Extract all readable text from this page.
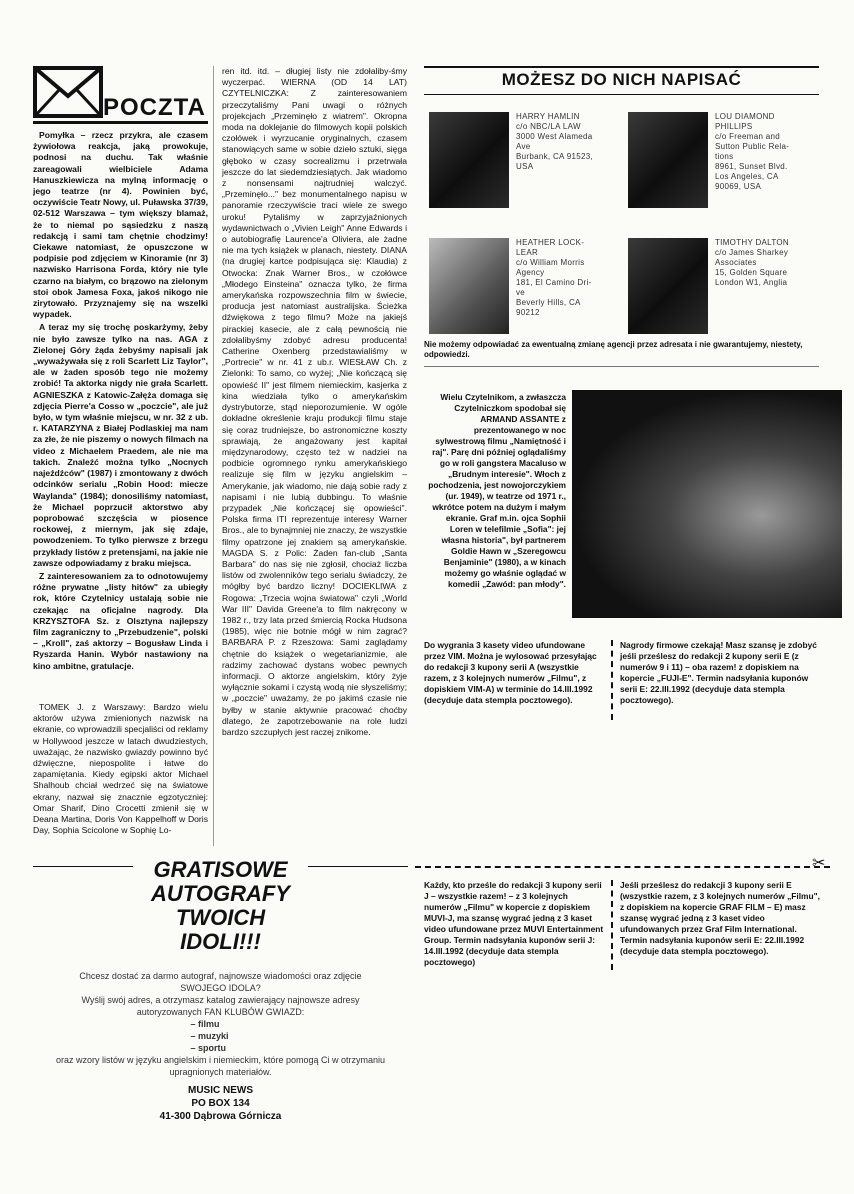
POCZTA

Pomyłka – rzecz przykra, ale czasem żywiołowa reakcja, jaką prowokuje, podnosi na duchu. Tak właśnie zareagowali wielbiciele Adama Hanuszkiewicza na mylną informację o jego teatrze (nr 4). Powinien być, oczywiście Teatr Nowy, ul. Puławska 37/39, 02-512 Warszawa – tym większy blamaż, że to niemal po sąsiedzku z naszą redakcją i sami tam chętnie chodzimy! Ciekawe natomiast, że opuszczone w podpisie pod zdjęciem w Kinoramie (nr 3) nazwisko Harrisona Forda, który nie tyle czarno na białym, co brązowo na zielonym stoi obok Jamesa Foxa, jakoś nikogo nie zirytowało. Przyznajemy się na wszelki wypadek.

A teraz my się trochę poskarżymy, żeby nie było zawsze tylko na nas. AGA z Zielonej Góry żąda żebyśmy napisali jak „wyważywała się z roli Scarlett Liz Taylor", ale w żaden sposób tego nie możemy zrobić! Ta aktorka nigdy nie grała Scarlett. AGNIESZKA z Katowic-Załęża domaga się zdjęcia Pierre'a Cosso w „poczcie", ale już było, w tym właśnie miejscu, w nr. 32 z ub. r. KATARZYNA z Białej Podlaskiej ma nam za złe, że nie piszemy o nowych filmach na video z Michaelem Praedem, ale nie ma takich. Znaleźć można tylko „Nocnych najeźdźców" (1987) i zmontowany z dwóch odcinków serialu „Robin Hood: miecze Waylanda" (1984); donosiliśmy natomiast, że Michael poprzucił aktorstwo aby poprobować szczęścia w piosence rockowej, z miernym, jak się zdaje, powodzeniem. To tylko pierwsze z brzegu przykłady listów z pretensjami, na jakie nie zawsze odpowiadamy z braku miejsca.

Z zainteresowaniem za to odnotowujemy różne prywatne „listy hitów" za ubiegły rok, które Czytelnicy ustalają sobie nie czekając na oficjalne nagrody. Dla KRZYSZTOFA Sz. z Olsztyna najlepszy film zagraniczny to „Przebudzenie", polski – „Kroll", zaś aktorzy – Bogusław Linda i Ryszarda Hanin. Wybór nastawiony na kino ambitne, gratulacje.

TOMEK J. z Warszawy: Bardzo wielu aktorów używa zmienionych nazwisk na ekranie, co wprowadzili specjaliści od reklamy w Hollywood jeszcze w latach dwudziestych, uważając, że nazwisko gwiazdy powinno być dźwięczne, niepospolite i łatwe do zapamiętania. Kiedy egipski aktor Michael Shalhoub chciał wedrzeć się na światowe ekrany, nazwał się znacznie egzotyczniej: Omar Sharif, Dino Crocetti zmienił się w Deana Martina, Doris Von Kappelhoff w Doris Day, Sophia Scicolone w Sophię Lo-

ren itd. itd. – długiej listy nie zdołaliby-śmy wyczerpać. WIERNA (OD 14 LAT) CZYTELNICZKA: Z zainteresowaniem przeczytaliśmy Pani uwagi o różnych projekcjach „Przeminęło z wiatrem". Okropna moda na doklejanie do filmowych kopii polskich czołówek i wyrzucanie oryginalnych, czasem stanowiących same w sobie dzieło sztuki, sięga głęboko w czasy socrealizmu i przetrwała jeszcze do lat siedemdziesiątych. Jak wiadomo z nonsensami najtrudniej walczyć. „Przeminęło..." bez monumentalnego napisu w panoramie rzeczywiście traci wiele ze swego uroku! Pytaliśmy w zaprzyjaźnionych wydawnictwach o „Vivien Leigh" Anne Edwards i o autobiografię Laurence'a Oliviera, ale żadne nie ma tych książek w planach, niestety. DIANA (na drugiej kartce podpisująca się: Klaudia) z Otwocka: Znak Warner Bros., w czołówce „Młodego Einsteina" oznacza tylko, że firma amerykańska rozpowszechnia film w świecie, producja jest natomiast australijska. Ścieżka dźwiękowa z tego filmu? Może na jakiejś pirackiej kasecie, ale z całą pewnością nie zdołalibyśmy zdobyć adresu producenta! Catherine Oxenberg przedstawialiśmy w „Portrecie" w nr. 41 z ub.r. WIESŁAW Ch. z Zielonki: To samo, co wyżej; „Nie kończącą się opowieść II" jest filmem niemieckim, kasjerka z kina wiedziała tylko o amerykańskim dystrybutorze, stąd nieporozumienie. W ogóle dokładne określenie kraju produkcji filmu staje się coraz trudniejsze, bo astronomiczne koszty sprawiają, że angażowany jest kapitał międzynarodowy, często też w nadziei na podbicie ogromnego rynku amerykańskiego realizuje się film w języku angielskim – Amerykanie, jak wiadomo, nie dają sobie rady z napisami i nie lubią dubbingu. To właśnie przypadek „Nie kończącej się opowieści". Polska firma ITI reprezentuje interesy Warner Bros., ale to bynajmniej nie znaczy, że wszystkie filmy opatrzone jej znakiem są amerykańskie. MAGDA S. z Polic: Żaden fan-club „Santa Barbara" do nas się nie zgłosił, chociaż liczba listów od zwolenników tego serialu świadczy, że mógłby być bardzo liczny! DOCIEKLIWA z Rogowa: „Trzecia wojna światowa" czyli „World War III" Davida Greene'a to film nakręcony w 1982 r., trzy lata przed śmiercią Rocka Hudsona (1985), więc nie botnie mógł w nim zagrać? BARBARA P. z Rzeszowa: Sami zaglądamy chętnie do książek o wegetarianizmie, ale radzimy zachować dystans wobec pewnych informacji. O aktorze angielskim, który żyje wyłącznie sokami i czystą wodą nie słyszeliśmy; w „poczcie" uważamy, że po jakimś czasie nie byłby w stanie aktywnie pracować choćby dlatego, że zapotrzebowanie na role ludzi bardzo szczupłych jest raczej znikome.

GRATISOWE
AUTOGRAFY
TWOICH
IDOLI!!!
Chcesz dostać za darmo autograf, najnowsze wiadomości oraz zdjęcie SWOJEGO IDOLA?
Wyślij swój adres, a otrzymasz katalog zawierający najnowsze adresy autoryzowanych FAN KLUBÓW GWIAZD:
– filmu
– muzyki
– sportu
oraz wzory listów w języku angielskim i niemieckim, które pomogą Ci w otrzymaniu upragnionych materiałów.
MUSIC NEWS
PO BOX 134
41-300 Dąbrowa Górnicza
MOŻESZ DO NICH NAPISAĆ
HARRY HAMLIN
c/o NBC/LA LAW
3000 West Alameda
Ave
Burbank, CA 91523,
USA
LOU DIAMOND
PHILLIPS
c/o Freeman and
Sutton Public Rela-
tions
8961, Sunset Blvd.
Los Angeles, CA
90069, USA
HEATHER LOCK-
LEAR
c/o William Morris
Agency
181, El Camino Dri-
ve
Beverly Hills, CA
90212
TIMOTHY DALTON
c/o James Sharkey
Associates
15, Golden Square
London W1, Anglia
Nie możemy odpowiadać za ewentualną zmianę agencji przez adresata i nie gwarantujemy, niestety, odpowiedzi.
Wielu Czytelnikom, a zwłaszcza Czytelniczkom spodobał się ARMAND ASSANTE z prezentowanego w noc sylwestrową filmu „Namiętność i raj". Parę dni później oglądaliśmy go w roli gangstera Macaluso w „Brudnym interesie". Włoch z pochodzenia, jest nowojorczykiem (ur. 1949), w teatrze od 1971 r., wkrótce potem na dużym i małym ekranie. Graf m.in. ojca Sophii Loren w telefilmie „Sofia": jej własna historia", był partnerem Goldie Hawn w „Szeregowcu Benjaminie" (1980), a w kinach możemy go właśnie oglądać w komedii „Zawód: pan młody".
Do wygrania 3 kasety video ufundowane przez VIM. Można je wylosować przesyłając do redakcji 3 kupony serii A (wszystkie razem, z 3 kolejnych numerów „Filmu", z dopiskiem VIM-A) w terminie do 14.III.1992 (decyduje data stempla pocztowego).
Nagrody firmowe czekają! Masz szansę je zdobyć jeśli prześlesz do redakcji 2 kupony serii E (z numerów 9 i 11) – oba razem! z dopiskiem na kopercie „FUJI-E". Termin nadsyłania kuponów serii E: 22.III.1992 (decyduje data stempla pocztowego).
✂
Każdy, kto prześle do redakcji 3 kupony serii J – wszystkie razem! – z 3 kolejnych numerów „Filmu" w kopercie z dopiskiem MUVI-J, ma szansę wygrać jedną z 3 kaset video ufundowane przez MUVI Entertainment Group. Termin nadsyłania kuponów serii J: 14.III.1992 (decyduje data stempla pocztowego)
Jeśli prześlesz do redakcji 3 kupony serii E (wszystkie razem, z 3 kolejnych numerów „Filmu", z dopiskiem na kopercie GRAF FILM – E) masz szansę wygrać jedną z 3 kaset video ufundowanych przez Graf Film International. Termin nadsyłania kuponów serii E: 22.III.1992 (decyduje data stempla pocztowego).
